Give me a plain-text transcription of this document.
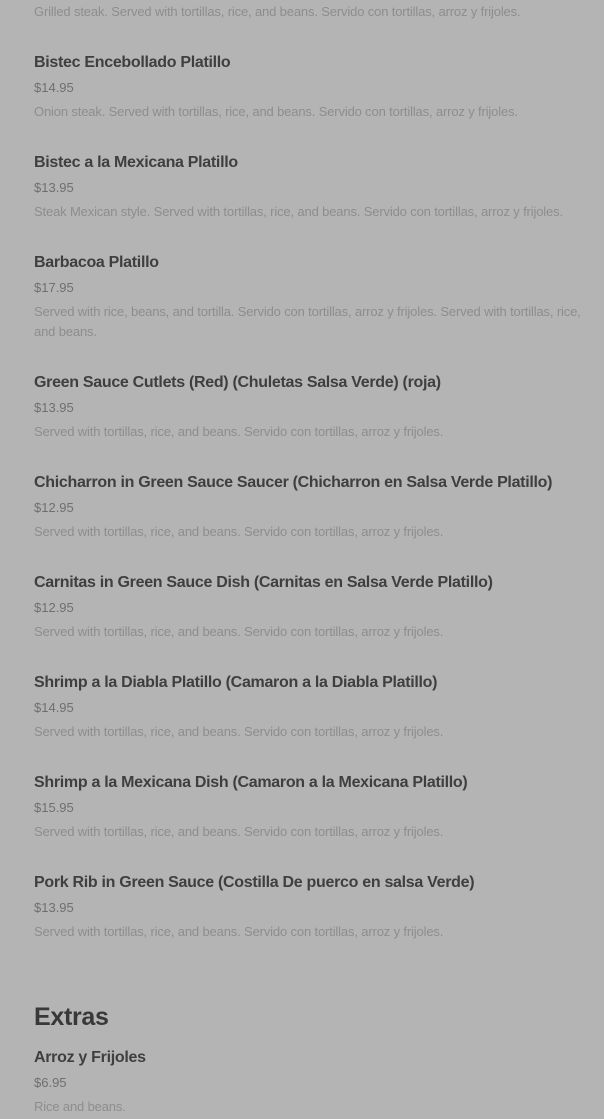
Grilled steak. Served with tortillas, rice, and beans. Servido con tortillas, arroz y frijoles.
Bistec Encebollado Platillo
$14.95
Onion steak. Served with tortillas, rice, and beans. Servido con tortillas, arroz y frijoles.
Bistec a la Mexicana Platillo
$13.95
Steak Mexican style. Served with tortillas, rice, and beans. Servido con tortillas, arroz y frijoles.
Barbacoa Platillo
$17.95
Served with rice, beans, and tortilla. Servido con tortillas, arroz y frijoles. Served with tortillas, rice, and beans.
Green Sauce Cutlets (Red) (Chuletas Salsa Verde) (roja)
$13.95
Served with tortillas, rice, and beans. Servido con tortillas, arroz y frijoles.
Chicharron in Green Sauce Saucer (Chicharron en Salsa Verde Platillo)
$12.95
Served with tortillas, rice, and beans. Servido con tortillas, arroz y frijoles.
Carnitas in Green Sauce Dish (Carnitas en Salsa Verde Platillo)
$12.95
Served with tortillas, rice, and beans. Servido con tortillas, arroz y frijoles.
Shrimp a la Diabla Platillo (Camaron a la Diabla Platillo)
$14.95
Served with tortillas, rice, and beans. Servido con tortillas, arroz y frijoles.
Shrimp a la Mexicana Dish (Camaron a la Mexicana Platillo)
$15.95
Served with tortillas, rice, and beans. Servido con tortillas, arroz y frijoles.
Pork Rib in Green Sauce (Costilla De puerco en salsa Verde)
$13.95
Served with tortillas, rice, and beans. Servido con tortillas, arroz y frijoles.
Extras
Arroz y Frijoles
$6.95
Rice and beans.
